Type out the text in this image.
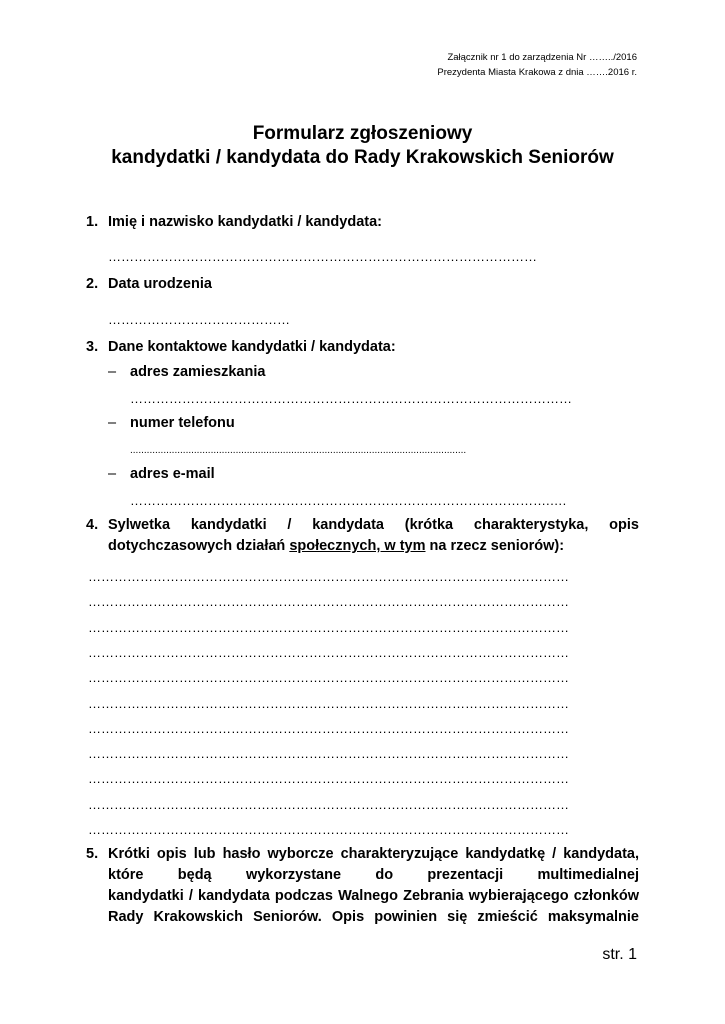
Załącznik nr 1 do zarządzenia Nr ……../2016
Prezydenta Miasta Krakowa z dnia …….2016 r.
Formularz zgłoszeniowy
kandydatki / kandydata do Rady Krakowskich Seniorów
1. Imię i nazwisko kandydatki / kandydata:
………………………………………………………………………………………
2. Data urodzenia
……………………………………
3. Dane kontaktowe kandydatki / kandydata:
– adres zamieszkania
…………………………………………………………………………………………
– numer telefonu
.........................................................................................................................
– adres e-mail
…………………………………………………………………………………….….
4. Sylwetka kandydatki / kandydata (krótka charakterystyka, opis
dotychczasowych działań społecznych, w tym na rzecz seniorów):
…………………………………………………………………………………………………
…………………………………………………………………………………………………
…………………………………………………………………………………………………
…………………………………………………………………………………………………
…………………………………………………………………………………………………
…………………………………………………………………………………………………
…………………………………………………………………………………………………
…………………………………………………………………………………………………
…………………………………………………………………………………………………
…………………………………………………………………………………………………
…………………………………………………………………………………………………
5. Krótki opis lub hasło wyborcze charakteryzujące kandydatkę / kandydata,
które będą wykorzystane do prezentacji multimedialnej
kandydatki / kandydata podczas Walnego Zebrania wybierającego członków
Rady Krakowskich Seniorów. Opis powinien się zmieścić maksymalnie
str. 1
